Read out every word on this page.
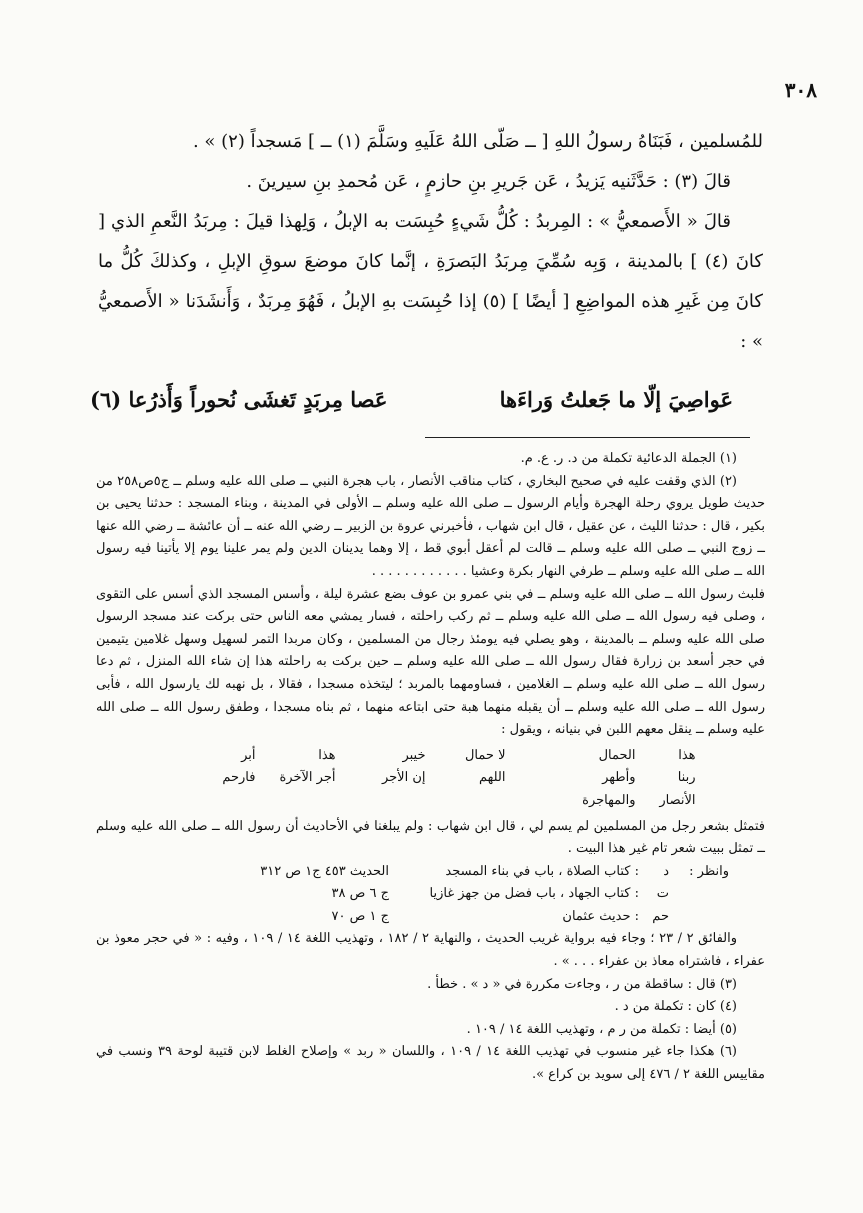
٣٠٨

للمُسلمين ، فَبَنَاهُ رسولُ اللهِ [ ــ صَلّى اللهُ عَلَيهِ وسَلَّمَ (١) ــ ] مَسجداً (٢) » .

قالَ (٣) : حَدَّثَنيه يَزيدُ ، عَن جَريرِ بنِ حازمٍ ، عَن مُحمدِ بنِ سيرينَ .

قالَ « الأَصمعيُّ » : المِربدُ : كُلُّ شَيءٍ حُبِسَت به الإبلُ ، وَلِهذا قيلَ : مِربَدُ النَّعمِ الذي [ كانَ (٤) ] بالمدينة ، وَبِه سُمِّيَ مِربَدُ البَصرَةِ ، إنَّما كانَ موضعَ سوقِ الإبلِ ، وكذلكَ كُلُّ ما كانَ مِن غَيرِ هذه المواضِعِ [ أيضًا ] (٥) إذا حُبِسَت بهِ الإبلُ ، فَهُوَ مِربَدٌ ، وَأَنشَدَنا « الأَصمعيُّ » :

عَواصِيَ إلّا ما جَعلتُ وَراءَها
عَصا مِربَدٍ تَغشَى نُحوراً وَأَذرُعا (٦)

(١) الجملة الدعائية تكملة من د. ر. ع. م.

(٢) الذي وقفت عليه في صحيح البخاري ، كتاب مناقب الأنصار ، باب هجرة النبي ــ صلى الله عليه وسلم ــ ج٥ص٢٥٨ من حديث طويل يروي رحلة الهجرة وأيام الرسول ــ صلى الله عليه وسلم ــ الأولى في المدينة ، وبناء المسجد : حدثنا يحيى بن بكير ، قال : حدثنا الليث ، عن عقيل ، قال ابن شهاب ، فأخبرني عروة بن الزبير ــ رضي الله عنه ــ أن عائشة ــ رضي الله عنها ــ زوج النبي ــ صلى الله عليه وسلم ــ قالت لم أعقل أبوي قط ، إلا وهما يدينان الدين ولم يمر علينا يوم إلا يأتينا فيه رسول الله ــ صلى الله عليه وسلم ــ طرفي النهار بكرة وعشيا . . . . . . . . . . . .

فلبث رسول الله ــ صلى الله عليه وسلم ــ في بني عمرو بن عوف بضع عشرة ليلة ، وأسس المسجد الذي أسس على التقوى ، وصلى فيه رسول الله ــ صلى الله عليه وسلم ــ ثم ركب راحلته ، فسار يمشي معه الناس حتى بركت عند مسجد الرسول صلى الله عليه وسلم ــ بالمدينة ، وهو يصلي فيه يومئذ رجال من المسلمين ، وكان مربدا التمر لسهيل وسهل غلامين يتيمين في حجر أسعد بن زرارة فقال رسول الله ــ صلى الله عليه وسلم ــ حين بركت به راحلته هذا إن شاء الله المنزل ، ثم دعا رسول الله ــ صلى الله عليه وسلم ــ الغلامين ، فساومهما بالمربد ؛ ليتخذه مسجدا ، فقالا ، بل نهبه لك يارسول الله ، فأبى رسول الله ــ صلى الله عليه وسلم ــ أن يقبله منهما هبة حتى ابتاعه منهما ، ثم بناه مسجدا ، وطفق رسول الله ــ صلى الله عليه وسلم ــ ينقل معهم اللبن في بنيانه ، ويقول :

هذا
الحمال
لا حمال
خيبر
هذا
أبر
ربنا
وأطهر
اللهم
إن الأجر
أجر الآخرة
فارحم
الأنصار
والمهاجرة

فتمثل بشعر رجل من المسلمين لم يسم لي ، قال ابن شهاب : ولم يبلغنا في الأحاديث أن رسول الله ــ صلى الله عليه وسلم ــ تمثل ببيت شعر تام غير هذا البيت .

وانظر :
د
: كتاب الصلاة ، باب في بناء المسجد
الحديث ٤٥٣ ج١ ص ٣١٢
ت
: كتاب الجهاد ، باب فضل من جهز غازيا
ج ٦ ص ٣٨
حم
: حديث عثمان
ج ١ ص ٧٠

والفائق ٢ / ٢٣ ؛ وجاء فيه برواية غريب الحديث ، والنهاية ٢ / ١٨٢ ، وتهذيب اللغة ١٤ / ١٠٩ ، وفيه : « في حجر معوذ بن عفراء ، فاشتراه معاذ بن عفراء . . . » .

(٣) قال : ساقطة من ر ، وجاءت مكررة في « د » . خطأ .

(٤) كان : تكملة من د .

(٥) أيضا : تكملة من ر م ، وتهذيب اللغة ١٤ / ١٠٩ .

(٦) هكذا جاء غير منسوب في تهذيب اللغة ١٤ / ١٠٩ ، واللسان « ربد » وإصلاح الغلط لابن قتيبة لوحة ٣٩ ونسب في مقاييس اللغة ٢ / ٤٧٦ إلى سويد بن كراع ».
